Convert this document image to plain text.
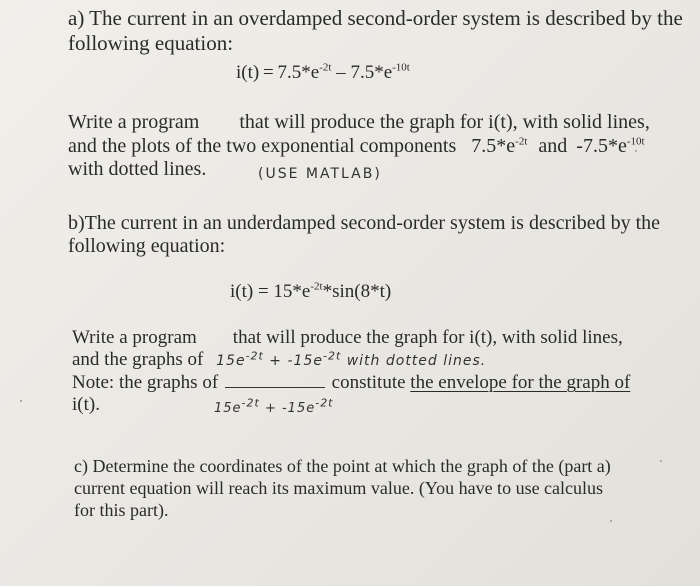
a) The current in an overdamped second-order system is described by the
following equation:
$i(t) = 7.5*e^{-2t} - 7.5*e^{-10t}$
Write a program that will produce the graph for i(t), with solid lines,
and the plots of the two exponential components $7.5*e^{-2t}$ and $-7.5*e^{-10t}$
with dotted lines.	(USE MATLAB)
b)The current in an underdamped second-order system is described by the
following equation:
$i(t) = 15*e^{-2t}*\sin(8*t)$
Write a program that will produce the graph for i(t), with solid lines,
and the graphs of $15e^{-2t} + -15e^{-2t}$ with dotted lines.
Note: the graphs of	constitute the envelope for the graph of
i(t).	$15e^{-2t} + -15e^{-2t}$
c) Determine the coordinates of the point at which the graph of the (part a)
current equation will reach its maximum value. (You have to use calculus
for this part).
